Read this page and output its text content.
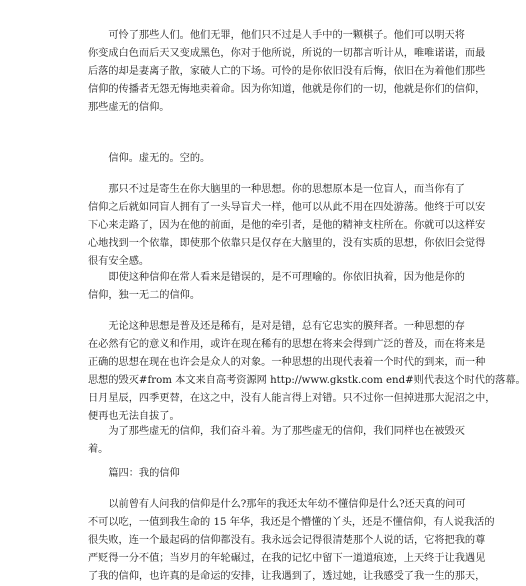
　　可怜了那些人们。他们无罪，他们只不过是人手中的一颗棋子。他们可以明天将
你变成白色而后天又变成黑色，你对于他所说，所说的一切都言听计从，唯唯诺诺，而最
后落的却是妻离子散，家破人亡的下场。可怜的是你依旧没有后悔，依旧在为着他们那些
信仰的传播者无怨无悔地卖着命。因为你知道，他就是你们的一切，他就是你们的信仰，
那些虚无的信仰。
　　信仰。虚无的。空的。
　　那只不过是寄生在你大脑里的一种思想。你的思想原本是一位盲人，而当你有了
信仰之后就如同盲人拥有了一头导盲犬一样，他可以从此不用在四处游荡。他终于可以安
下心来走路了，因为在他的前面，是他的牵引者，是他的精神支柱所在。你就可以这样安
心地找到一个依靠，即使那个依靠只是仅存在大脑里的，没有实质的思想，你依旧会觉得
很有安全感。
　　即使这种信仰在常人看来是错误的，是不可理喻的。你依旧执着，因为他是你的
信仰，独一无二的信仰。
　　无论这种思想是普及还是稀有，是对是错，总有它忠实的膜拜者。一种思想的存
在必然有它的意义和作用，或许在现在稀有的思想在将来会得到广泛的普及，而在将来是
正确的思想在现在也许会是众人的对象。一种思想的出现代表着一个时代的到来，而一种
思想的毁灭#from 本文来自高考资源网 http://www.gkstk.com end#则代表这个时代的落幕。
日月星辰，四季更替，在这之中，没有人能言得上对错。只不过你一但掉进那大泥沼之中，
便再也无法自拔了。
　　为了那些虚无的信仰，我们奋斗着。为了那些虚无的信仰，我们同样也在被毁灭
着。
　　篇四：我的信仰
　　以前曾有人问我的信仰是什么?那年的我还太年幼不懂信仰是什么?还天真的问可
不可以吃，一值到我生命的 15 年华，我还是个懵懂的丫头，还是不懂信仰，有人说我活的
很失败，连一个最起码的信仰都没有。我永远会记得很清楚那个人说的话，它将把我的尊
严贬得一分不值；当岁月的年轮碾过，在我的记忆中留下一道道痕迹，上天终于让我遇见
了我的信仰，也许真的是命运的安排，让我遇到了，透过她，让我感受了我一生的那天，
